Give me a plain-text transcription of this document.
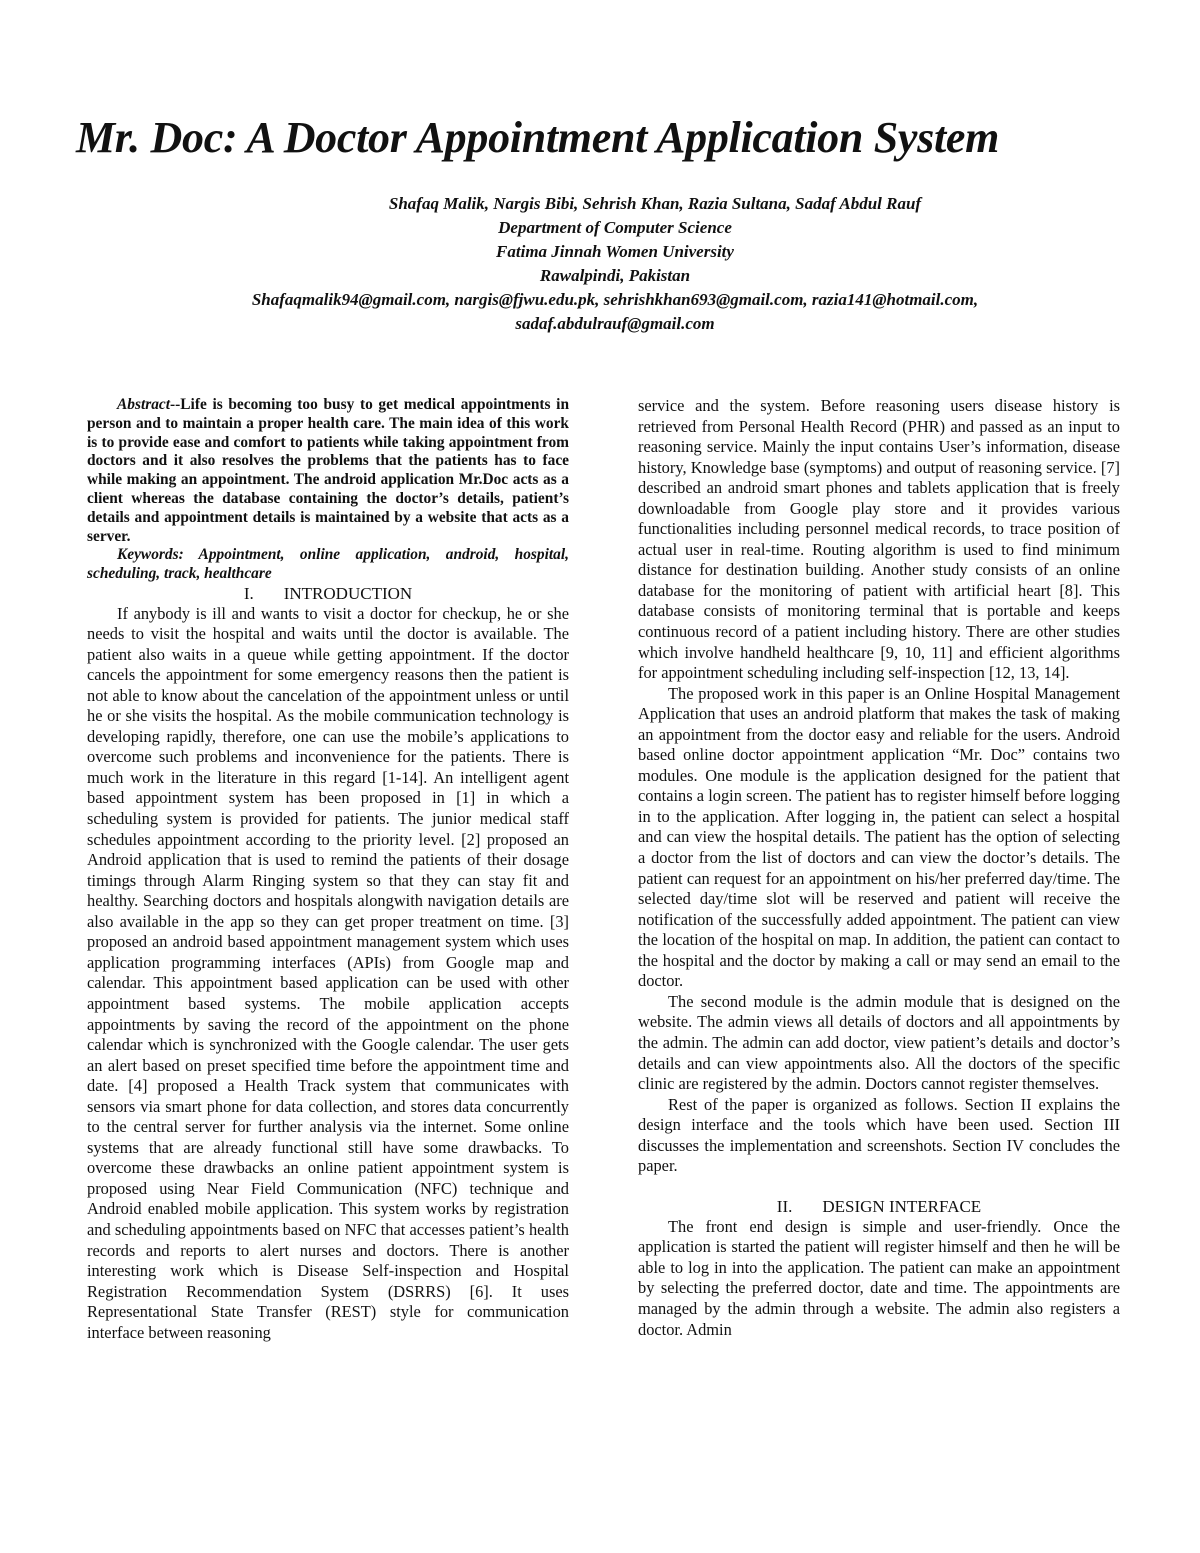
Mr. Doc: A Doctor Appointment Application System
Shafaq Malik, Nargis Bibi, Sehrish Khan, Razia Sultana, Sadaf Abdul Rauf
Department of Computer Science
Fatima Jinnah Women University
Rawalpindi, Pakistan
Shafaqmalik94@gmail.com, nargis@fjwu.edu.pk, sehrishkhan693@gmail.com, razia141@hotmail.com,
sadaf.abdulrauf@gmail.com

Abstract--Life is becoming too busy to get medical appointments in person and to maintain a proper health care. The main idea of this work is to provide ease and comfort to patients while taking appointment from doctors and it also resolves the problems that the patients has to face while making an appointment. The android application Mr.Doc acts as a client whereas the database containing the doctor’s details, patient’s details and appointment details is maintained by a website that acts as a server.

Keywords: Appointment, online application, android, hospital, scheduling, track, healthcare

I. INTRODUCTION

If anybody is ill and wants to visit a doctor for checkup, he or she needs to visit the hospital and waits until the doctor is available. The patient also waits in a queue while getting appointment. If the doctor cancels the appointment for some emergency reasons then the patient is not able to know about the cancelation of the appointment unless or until he or she visits the hospital. As the mobile communication technology is developing rapidly, therefore, one can use the mobile’s applications to overcome such problems and inconvenience for the patients. There is much work in the literature in this regard [1-14]. An intelligent agent based appointment system has been proposed in [1] in which a scheduling system is provided for patients. The junior medical staff schedules appointment according to the priority level. [2] proposed an Android application that is used to remind the patients of their dosage timings through Alarm Ringing system so that they can stay fit and healthy. Searching doctors and hospitals alongwith navigation details are also available in the app so they can get proper treatment on time. [3] proposed an android based appointment management system which uses application programming interfaces (APIs) from Google map and calendar. This appointment based application can be used with other appointment based systems. The mobile application accepts appointments by saving the record of the appointment on the phone calendar which is synchronized with the Google calendar. The user gets an alert based on preset specified time before the appointment time and date. [4] proposed a Health Track system that communicates with sensors via smart phone for data collection, and stores data concurrently to the central server for further analysis via the internet. Some online systems that are already functional still have some drawbacks. To overcome these drawbacks an online patient appointment system is proposed using Near Field Communication (NFC) technique and Android enabled mobile application. This system works by registration and scheduling appointments based on NFC that accesses patient’s health records and reports to alert nurses and doctors. There is another interesting work which is Disease Self-inspection and Hospital Registration Recommendation System (DSRRS) [6]. It uses Representational State Transfer (REST) style for communication interface between reasoning

service and the system. Before reasoning users disease history is retrieved from Personal Health Record (PHR) and passed as an input to reasoning service. Mainly the input contains User’s information, disease history, Knowledge base (symptoms) and output of reasoning service. [7] described an android smart phones and tablets application that is freely downloadable from Google play store and it provides various functionalities including personnel medical records, to trace position of actual user in real-time. Routing algorithm is used to find minimum distance for destination building. Another study consists of an online database for the monitoring of patient with artificial heart [8]. This database consists of monitoring terminal that is portable and keeps continuous record of a patient including history. There are other studies which involve handheld healthcare [9, 10, 11] and efficient algorithms for appointment scheduling including self-inspection [12, 13, 14].

The proposed work in this paper is an Online Hospital Management Application that uses an android platform that makes the task of making an appointment from the doctor easy and reliable for the users. Android based online doctor appointment application “Mr. Doc” contains two modules. One module is the application designed for the patient that contains a login screen. The patient has to register himself before logging in to the application. After logging in, the patient can select a hospital and can view the hospital details. The patient has the option of selecting a doctor from the list of doctors and can view the doctor’s details. The patient can request for an appointment on his/her preferred day/time. The selected day/time slot will be reserved and patient will receive the notification of the successfully added appointment. The patient can view the location of the hospital on map. In addition, the patient can contact to the hospital and the doctor by making a call or may send an email to the doctor.

The second module is the admin module that is designed on the website. The admin views all details of doctors and all appointments by the admin. The admin can add doctor, view patient’s details and doctor’s details and can view appointments also. All the doctors of the specific clinic are registered by the admin. Doctors cannot register themselves.

Rest of the paper is organized as follows. Section II explains the design interface and the tools which have been used. Section III discusses the implementation and screenshots. Section IV concludes the paper.

II. DESIGN INTERFACE

The front end design is simple and user-friendly. Once the application is started the patient will register himself and then he will be able to log in into the application. The patient can make an appointment by selecting the preferred doctor, date and time. The appointments are managed by the admin through a website. The admin also registers a doctor. Admin
